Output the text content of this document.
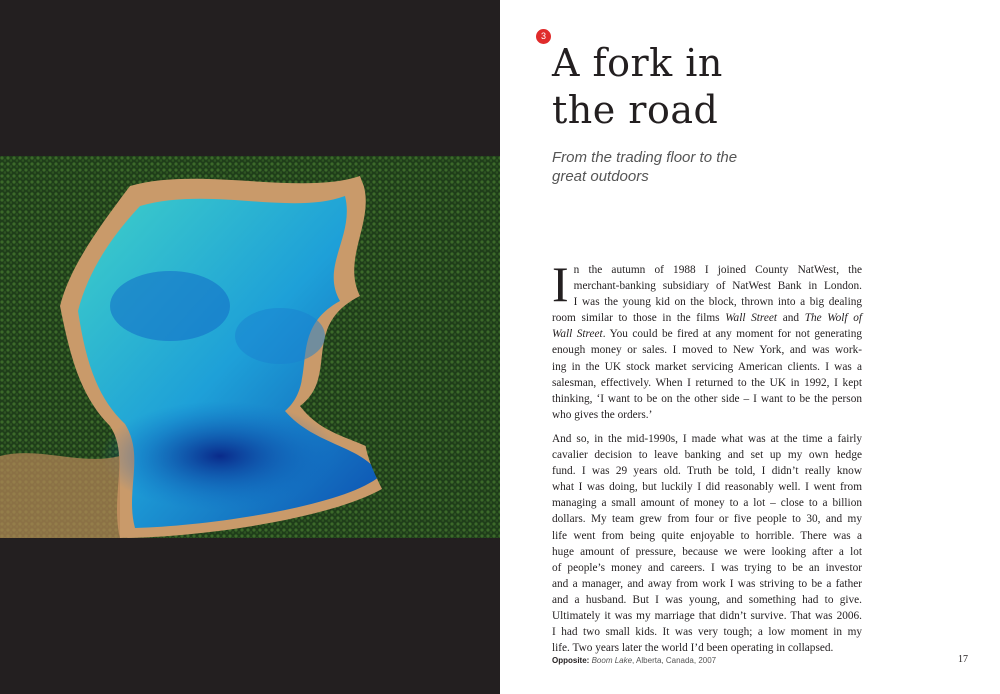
3
A fork in
the road

From the trading floor to the
great outdoors

I n the autumn of 1988 I joined County NatWest, the
merchant-banking subsidiary of NatWest Bank in London.
I was the young kid on the block, thrown into a big dealing
room similar to those in the films Wall Street and The Wolf of
Wall Street. You could be fired at any moment for not generating
enough money or sales. I moved to New York, and was work-
ing in the UK stock market servicing American clients. I was a
salesman, effectively. When I returned to the UK in 1992, I kept
thinking, ‘I want to be on the other side – I want to be the person
who gives the orders.’
And so, in the mid-1990s, I made what was at the time a fairly
cavalier decision to leave banking and set up my own hedge
fund. I was 29 years old. Truth be told, I didn’t really know
what I was doing, but luckily I did reasonably well. I went from
managing a small amount of money to a lot – close to a billion
dollars. My team grew from four or five people to 30, and my
life went from being quite enjoyable to horrible. There was a
huge amount of pressure, because we were looking after a lot
of people’s money and careers. I was trying to be an investor
and a manager, and away from work I was striving to be a father
and a husband. But I was young, and something had to give.
Ultimately it was my marriage that didn’t survive. That was 2006.
I had two small kids. It was very tough; a low moment in my
life. Two years later the world I’d been operating in collapsed.
Opposite: Boom Lake, Alberta, Canada, 2007	17
